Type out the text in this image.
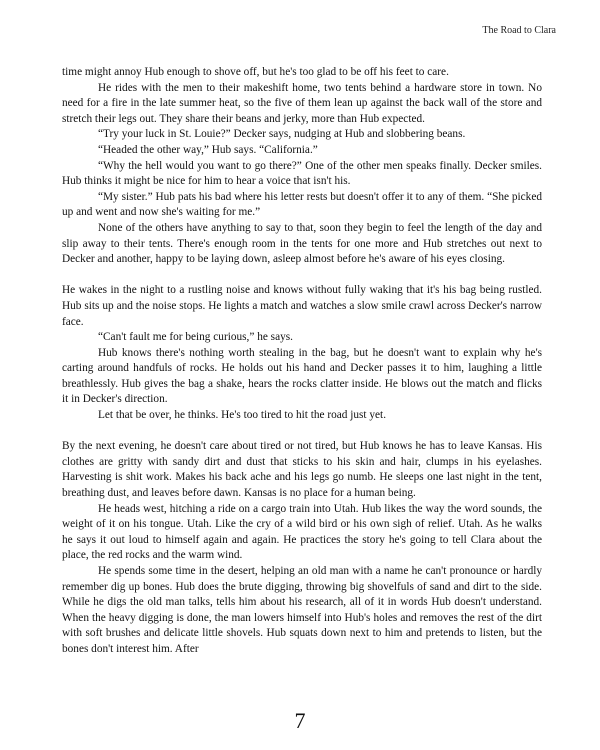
The Road to Clara

time might annoy Hub enough to shove off, but he's too glad to be off his feet to care.

He rides with the men to their makeshift home, two tents behind a hardware store in town. No need for a fire in the late summer heat, so the five of them lean up against the back wall of the store and stretch their legs out. They share their beans and jerky, more than Hub expected.

“Try your luck in St. Louie?” Decker says, nudging at Hub and slobbering beans.

“Headed the other way,” Hub says. “California.”

“Why the hell would you want to go there?” One of the other men speaks finally. Decker smiles. Hub thinks it might be nice for him to hear a voice that isn't his.

“My sister.” Hub pats his bad where his letter rests but doesn't offer it to any of them. “She picked up and went and now she's waiting for me.”

None of the others have anything to say to that, soon they begin to feel the length of the day and slip away to their tents. There's enough room in the tents for one more and Hub stretches out next to Decker and another, happy to be laying down, asleep almost before he's aware of his eyes closing.

He wakes in the night to a rustling noise and knows without fully waking that it's his bag being rustled. Hub sits up and the noise stops. He lights a match and watches a slow smile crawl across Decker's narrow face.

“Can't fault me for being curious,” he says.

Hub knows there's nothing worth stealing in the bag, but he doesn't want to explain why he's carting around handfuls of rocks. He holds out his hand and Decker passes it to him, laughing a little breathlessly. Hub gives the bag a shake, hears the rocks clatter inside. He blows out the match and flicks it in Decker's direction.

Let that be over, he thinks. He's too tired to hit the road just yet.

By the next evening, he doesn't care about tired or not tired, but Hub knows he has to leave Kansas. His clothes are gritty with sandy dirt and dust that sticks to his skin and hair, clumps in his eyelashes. Harvesting is shit work. Makes his back ache and his legs go numb. He sleeps one last night in the tent, breathing dust, and leaves before dawn. Kansas is no place for a human being.

He heads west, hitching a ride on a cargo train into Utah. Hub likes the way the word sounds, the weight of it on his tongue. Utah. Like the cry of a wild bird or his own sigh of relief. Utah. As he walks he says it out loud to himself again and again. He practices the story he's going to tell Clara about the place, the red rocks and the warm wind.

He spends some time in the desert, helping an old man with a name he can't pronounce or hardly remember dig up bones. Hub does the brute digging, throwing big shovelfuls of sand and dirt to the side. While he digs the old man talks, tells him about his research, all of it in words Hub doesn't understand. When the heavy digging is done, the man lowers himself into Hub's holes and removes the rest of the dirt with soft brushes and delicate little shovels. Hub squats down next to him and pretends to listen, but the bones don't interest him. After

7
